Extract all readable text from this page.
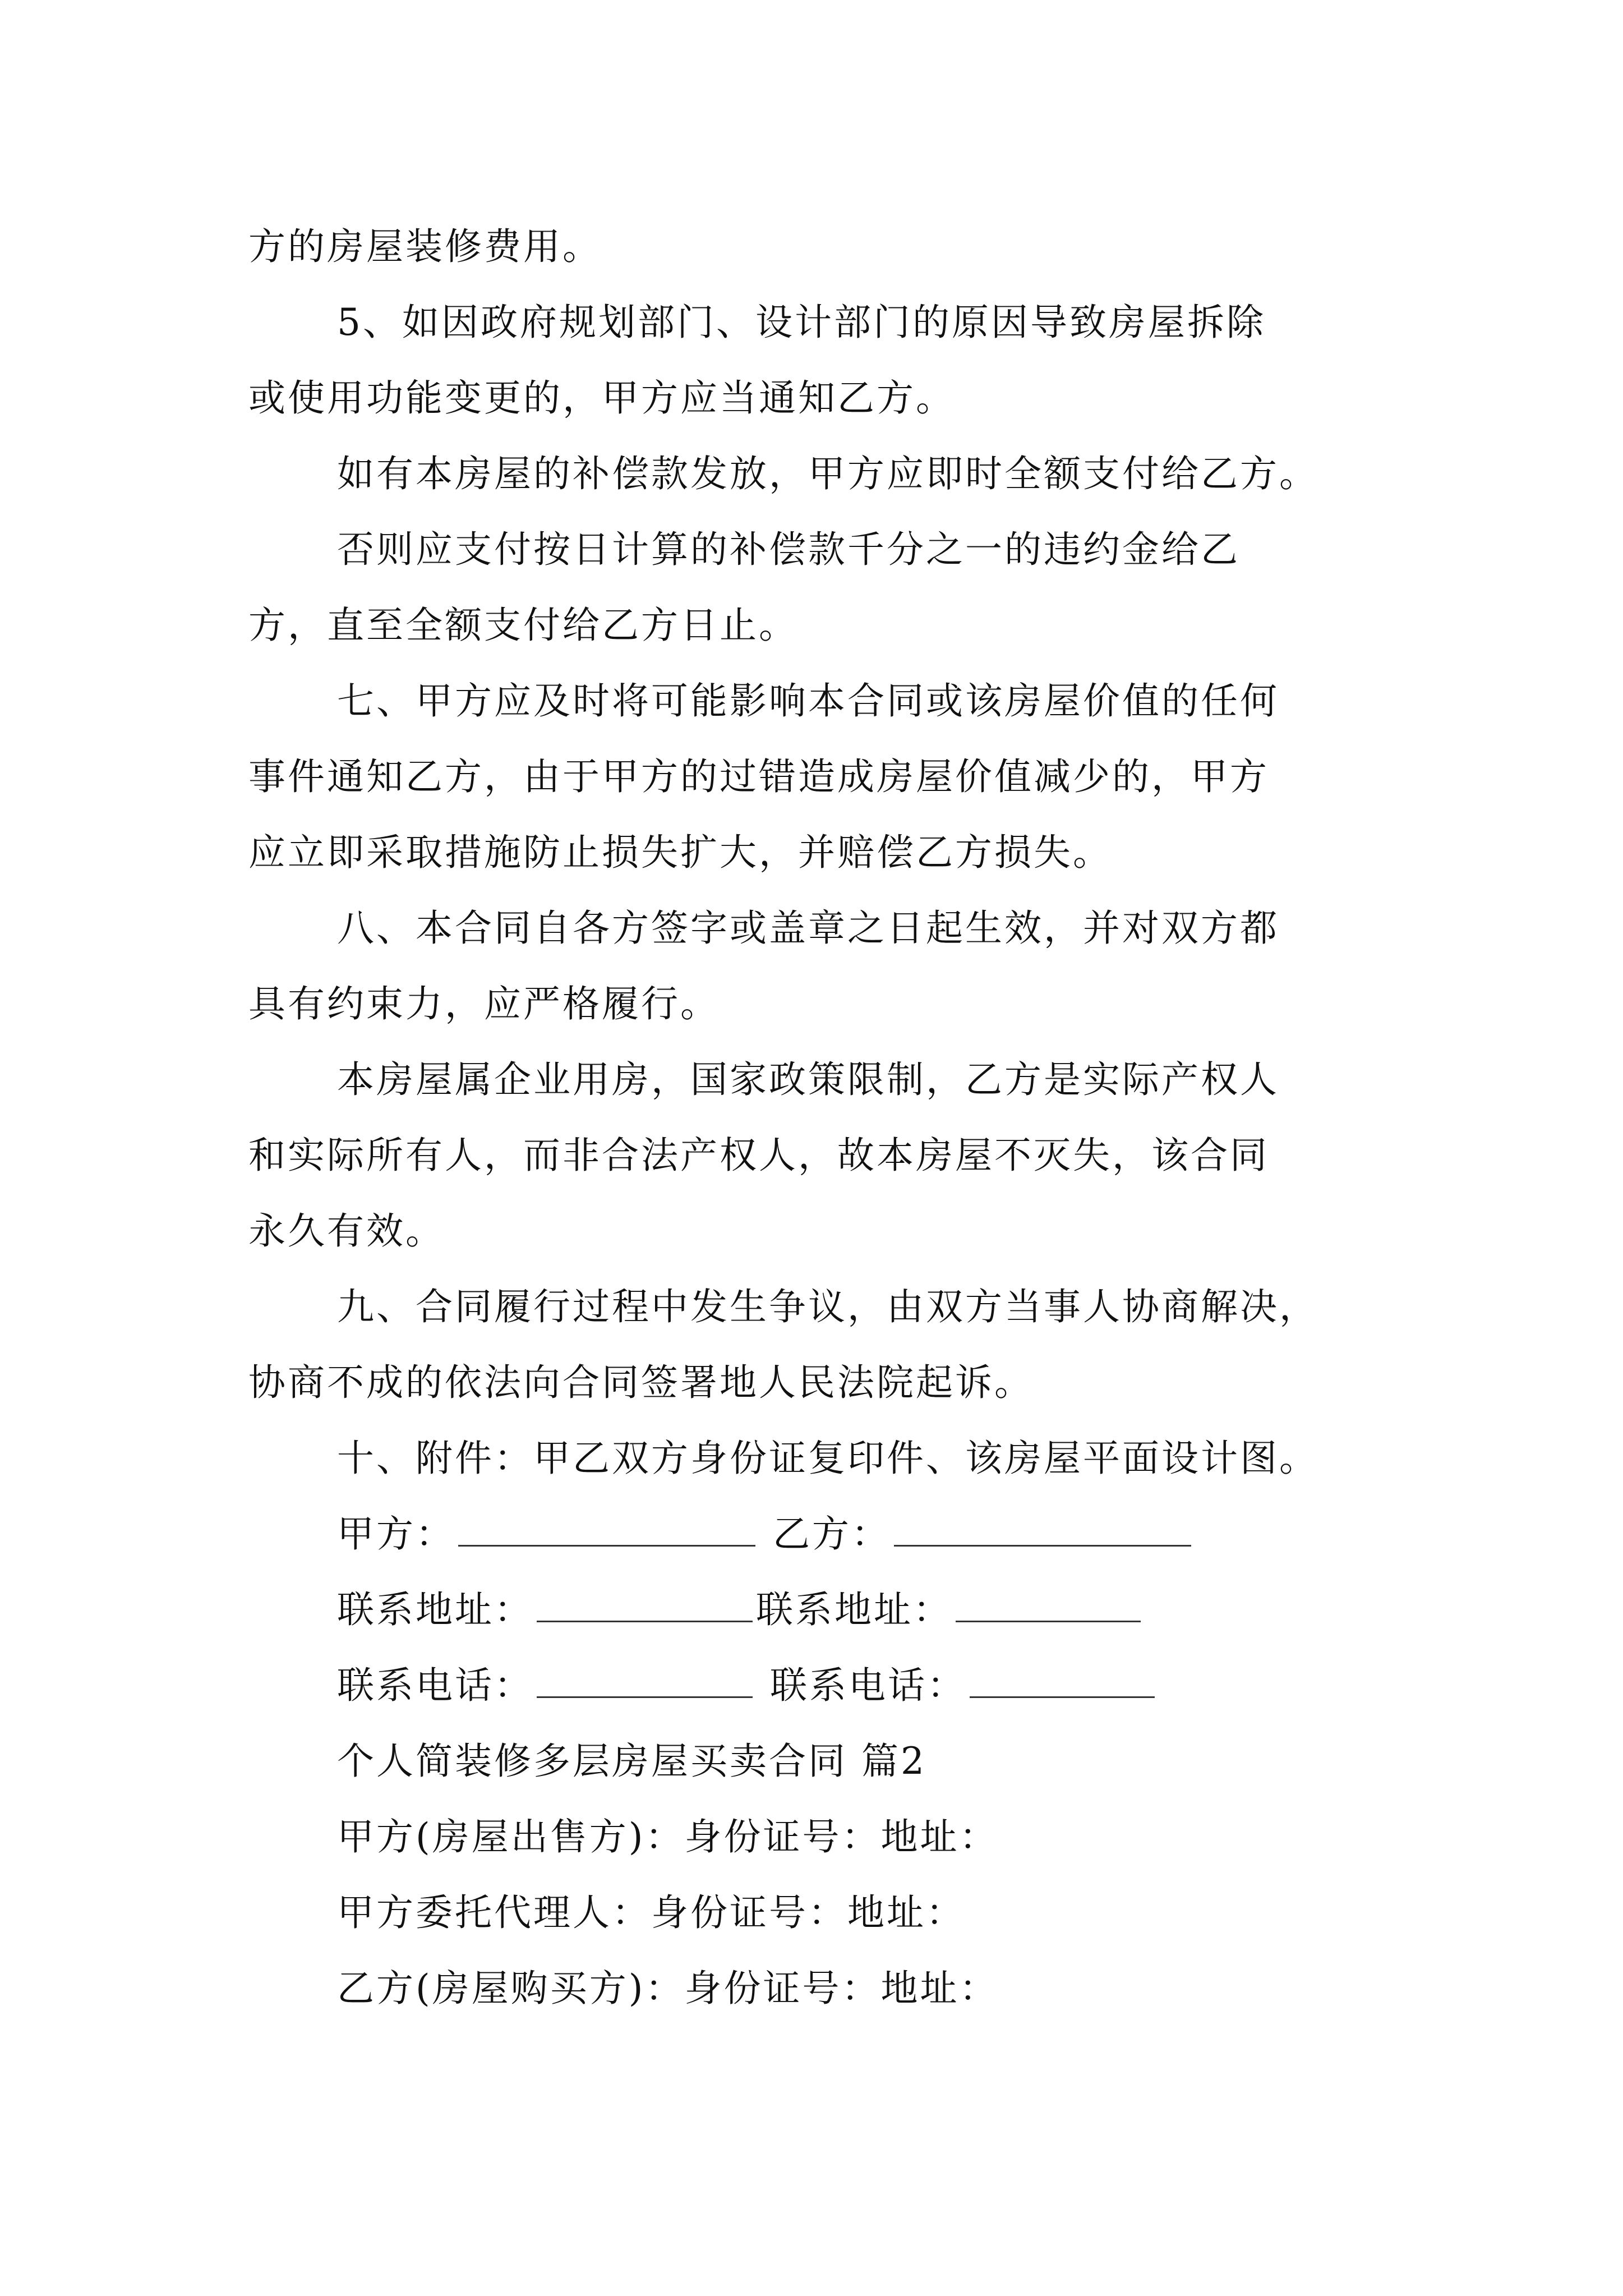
方的房屋装修费用。
5、如因政府规划部门、设计部门的原因导致房屋拆除
或使用功能变更的，甲方应当通知乙方。
如有本房屋的补偿款发放，甲方应即时全额支付给乙方。
否则应支付按日计算的补偿款千分之一的违约金给乙
方，直至全额支付给乙方日止。
七、甲方应及时将可能影响本合同或该房屋价值的任何
事件通知乙方，由于甲方的过错造成房屋价值减少的，甲方
应立即采取措施防止损失扩大，并赔偿乙方损失。
八、本合同自各方签字或盖章之日起生效，并对双方都
具有约束力，应严格履行。
本房屋属企业用房，国家政策限制，乙方是实际产权人
和实际所有人，而非合法产权人，故本房屋不灭失，该合同
永久有效。
九、合同履行过程中发生争议，由双方当事人协商解决，
协商不成的依法向合同签署地人民法院起诉。
十、附件：甲乙双方身份证复印件、该房屋平面设计图。
甲方：	乙方：
联系地址：	联系地址：
联系电话：	联系电话：
个人简装修多层房屋买卖合同 篇2
甲方(房屋出售方)：身份证号：地址：
甲方委托代理人：身份证号：地址：
乙方(房屋购买方)：身份证号：地址：
